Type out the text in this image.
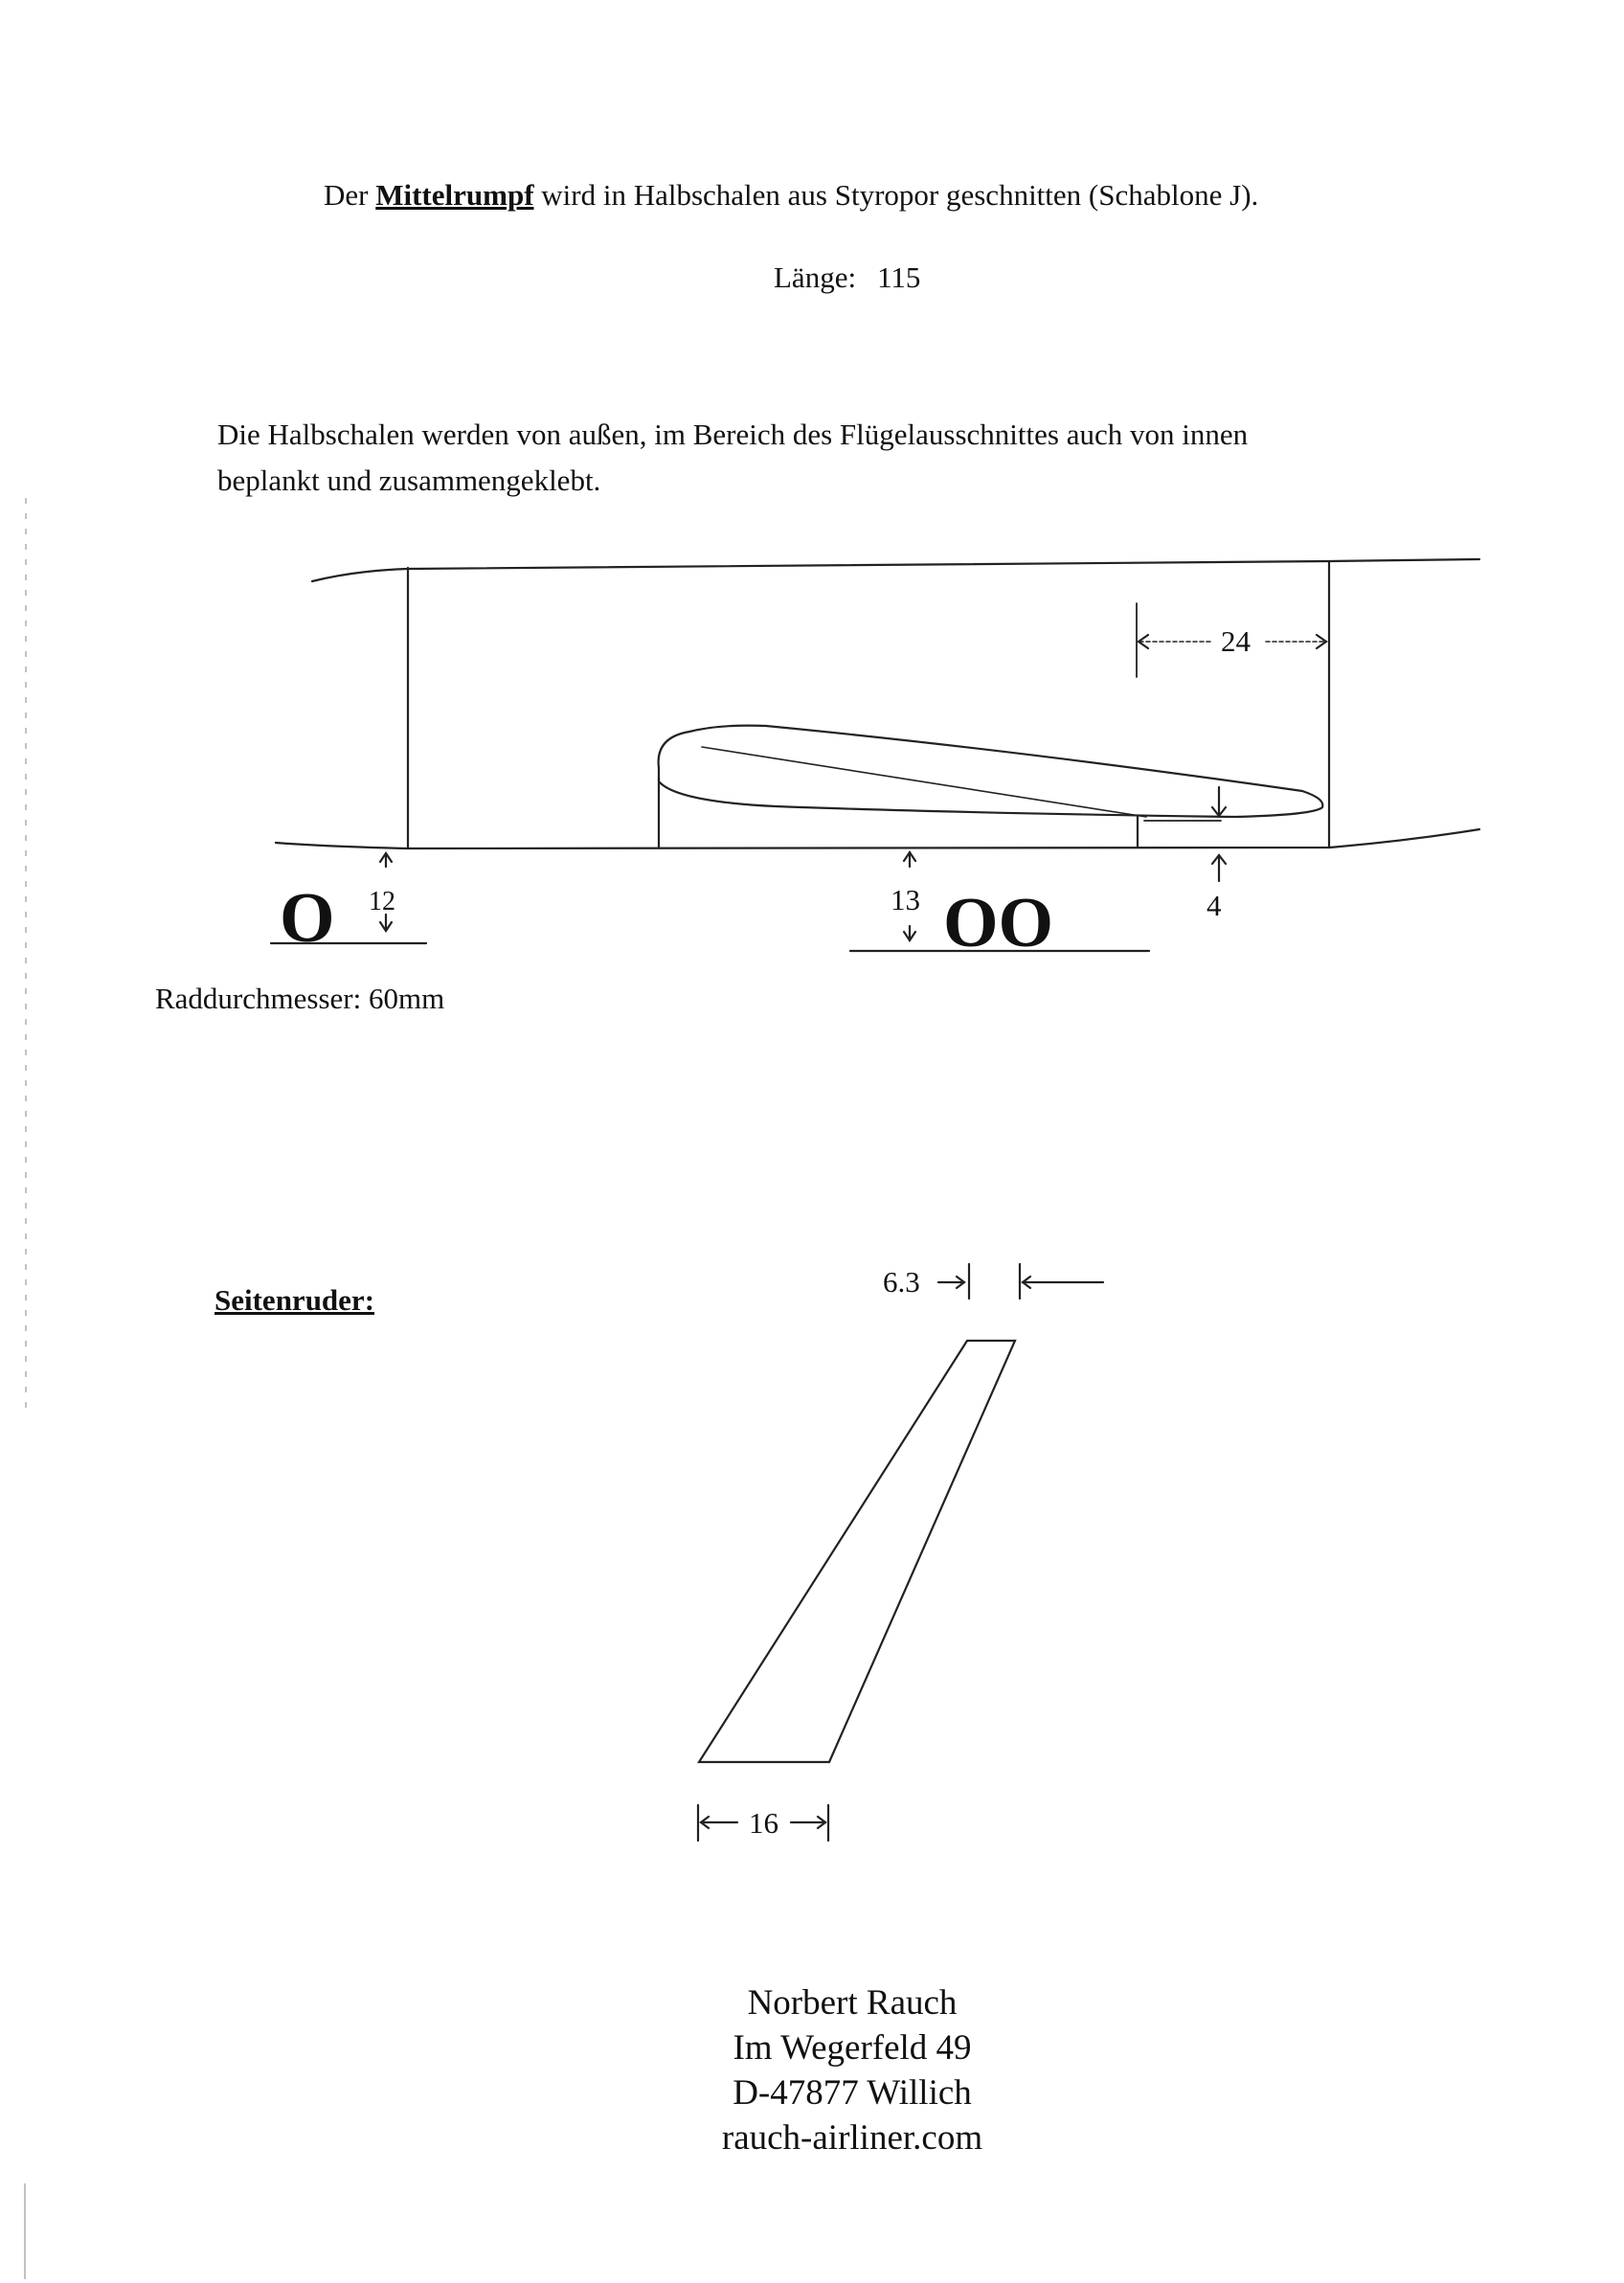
Der Mittelrumpf wird in Halbschalen aus Styropor geschnitten (Schablone J).
Länge: 115
Die Halbschalen werden von außen, im Bereich des Flügelausschnittes auch von innen
beplankt und zusammengeklebt.
24
12	13	4
O	OO
Raddurchmesser: 60mm
Seitenruder:
6.3
16
Norbert Rauch
Im Wegerfeld 49
D-47877 Willich
rauch-airliner.com
